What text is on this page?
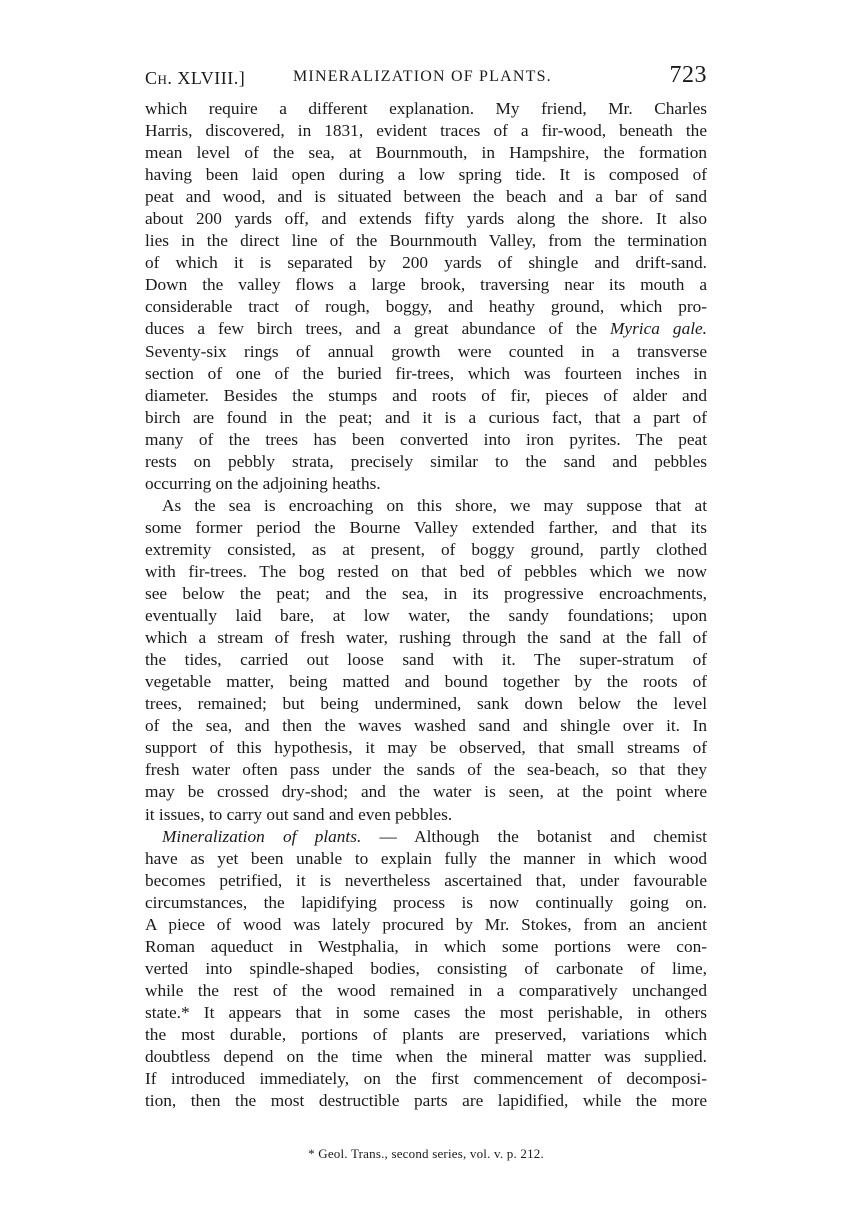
Ch. XLVIII.]	MINERALIZATION OF PLANTS.	723
which require a different explanation. My friend, Mr. Charles
Harris, discovered, in 1831, evident traces of a fir-wood, beneath the
mean level of the sea, at Bournmouth, in Hampshire, the formation
having been laid open during a low spring tide. It is composed of
peat and wood, and is situated between the beach and a bar of sand
about 200 yards off, and extends fifty yards along the shore. It also
lies in the direct line of the Bournmouth Valley, from the termination
of which it is separated by 200 yards of shingle and drift-sand.
Down the valley flows a large brook, traversing near its mouth a
considerable tract of rough, boggy, and heathy ground, which pro-
duces a few birch trees, and a great abundance of the Myrica gale.
Seventy-six rings of annual growth were counted in a transverse
section of one of the buried fir-trees, which was fourteen inches in
diameter. Besides the stumps and roots of fir, pieces of alder and
birch are found in the peat; and it is a curious fact, that a part of
many of the trees has been converted into iron pyrites. The peat
rests on pebbly strata, precisely similar to the sand and pebbles
occurring on the adjoining heaths.
As the sea is encroaching on this shore, we may suppose that at
some former period the Bourne Valley extended farther, and that its
extremity consisted, as at present, of boggy ground, partly clothed
with fir-trees. The bog rested on that bed of pebbles which we now
see below the peat; and the sea, in its progressive encroachments,
eventually laid bare, at low water, the sandy foundations; upon
which a stream of fresh water, rushing through the sand at the fall of
the tides, carried out loose sand with it. The super-stratum of
vegetable matter, being matted and bound together by the roots of
trees, remained; but being undermined, sank down below the level
of the sea, and then the waves washed sand and shingle over it. In
support of this hypothesis, it may be observed, that small streams of
fresh water often pass under the sands of the sea-beach, so that they
may be crossed dry-shod; and the water is seen, at the point where
it issues, to carry out sand and even pebbles.
Mineralization of plants. — Although the botanist and chemist
have as yet been unable to explain fully the manner in which wood
becomes petrified, it is nevertheless ascertained that, under favourable
circumstances, the lapidifying process is now continually going on.
A piece of wood was lately procured by Mr. Stokes, from an ancient
Roman aqueduct in Westphalia, in which some portions were con-
verted into spindle-shaped bodies, consisting of carbonate of lime,
while the rest of the wood remained in a comparatively unchanged
state.* It appears that in some cases the most perishable, in others
the most durable, portions of plants are preserved, variations which
doubtless depend on the time when the mineral matter was supplied.
If introduced immediately, on the first commencement of decomposi-
tion, then the most destructible parts are lapidified, while the more
* Geol. Trans., second series, vol. v. p. 212.
